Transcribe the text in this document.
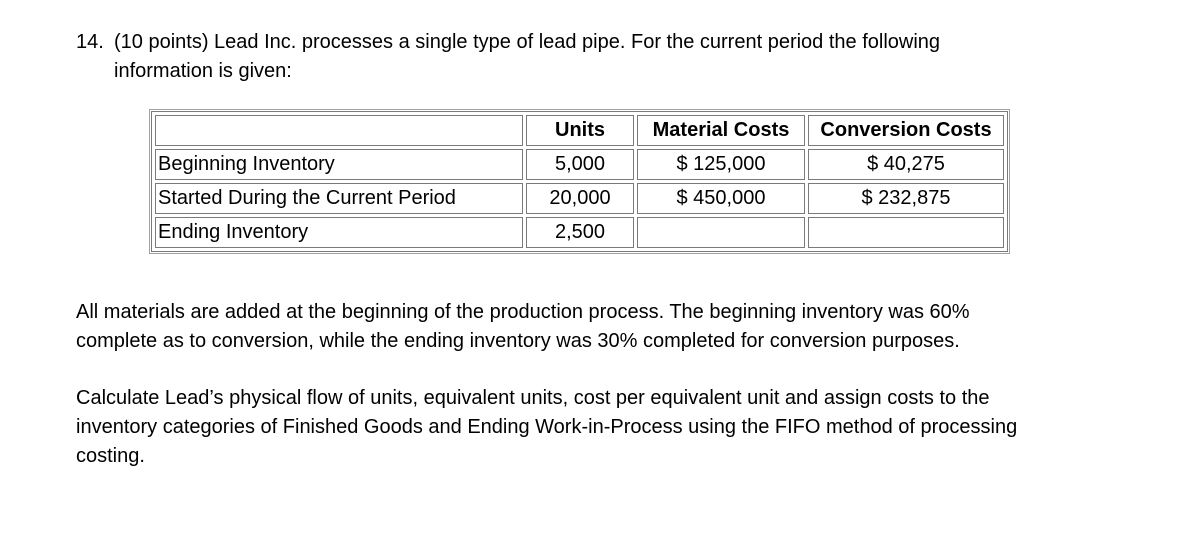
14. (10 points) Lead Inc. processes a single type of lead pipe. For the current period the following
information is given:
	Units	Material Costs	Conversion Costs
Beginning Inventory	5,000	$ 125,000	$ 40,275
Started During the Current Period	20,000	$ 450,000	$ 232,875
Ending Inventory	2,500		
All materials are added at the beginning of the production process. The beginning inventory was 60%
complete as to conversion, while the ending inventory was 30% completed for conversion purposes.
Calculate Lead’s physical flow of units, equivalent units, cost per equivalent unit and assign costs to the
inventory categories of Finished Goods and Ending Work-in-Process using the FIFO method of processing
costing.
